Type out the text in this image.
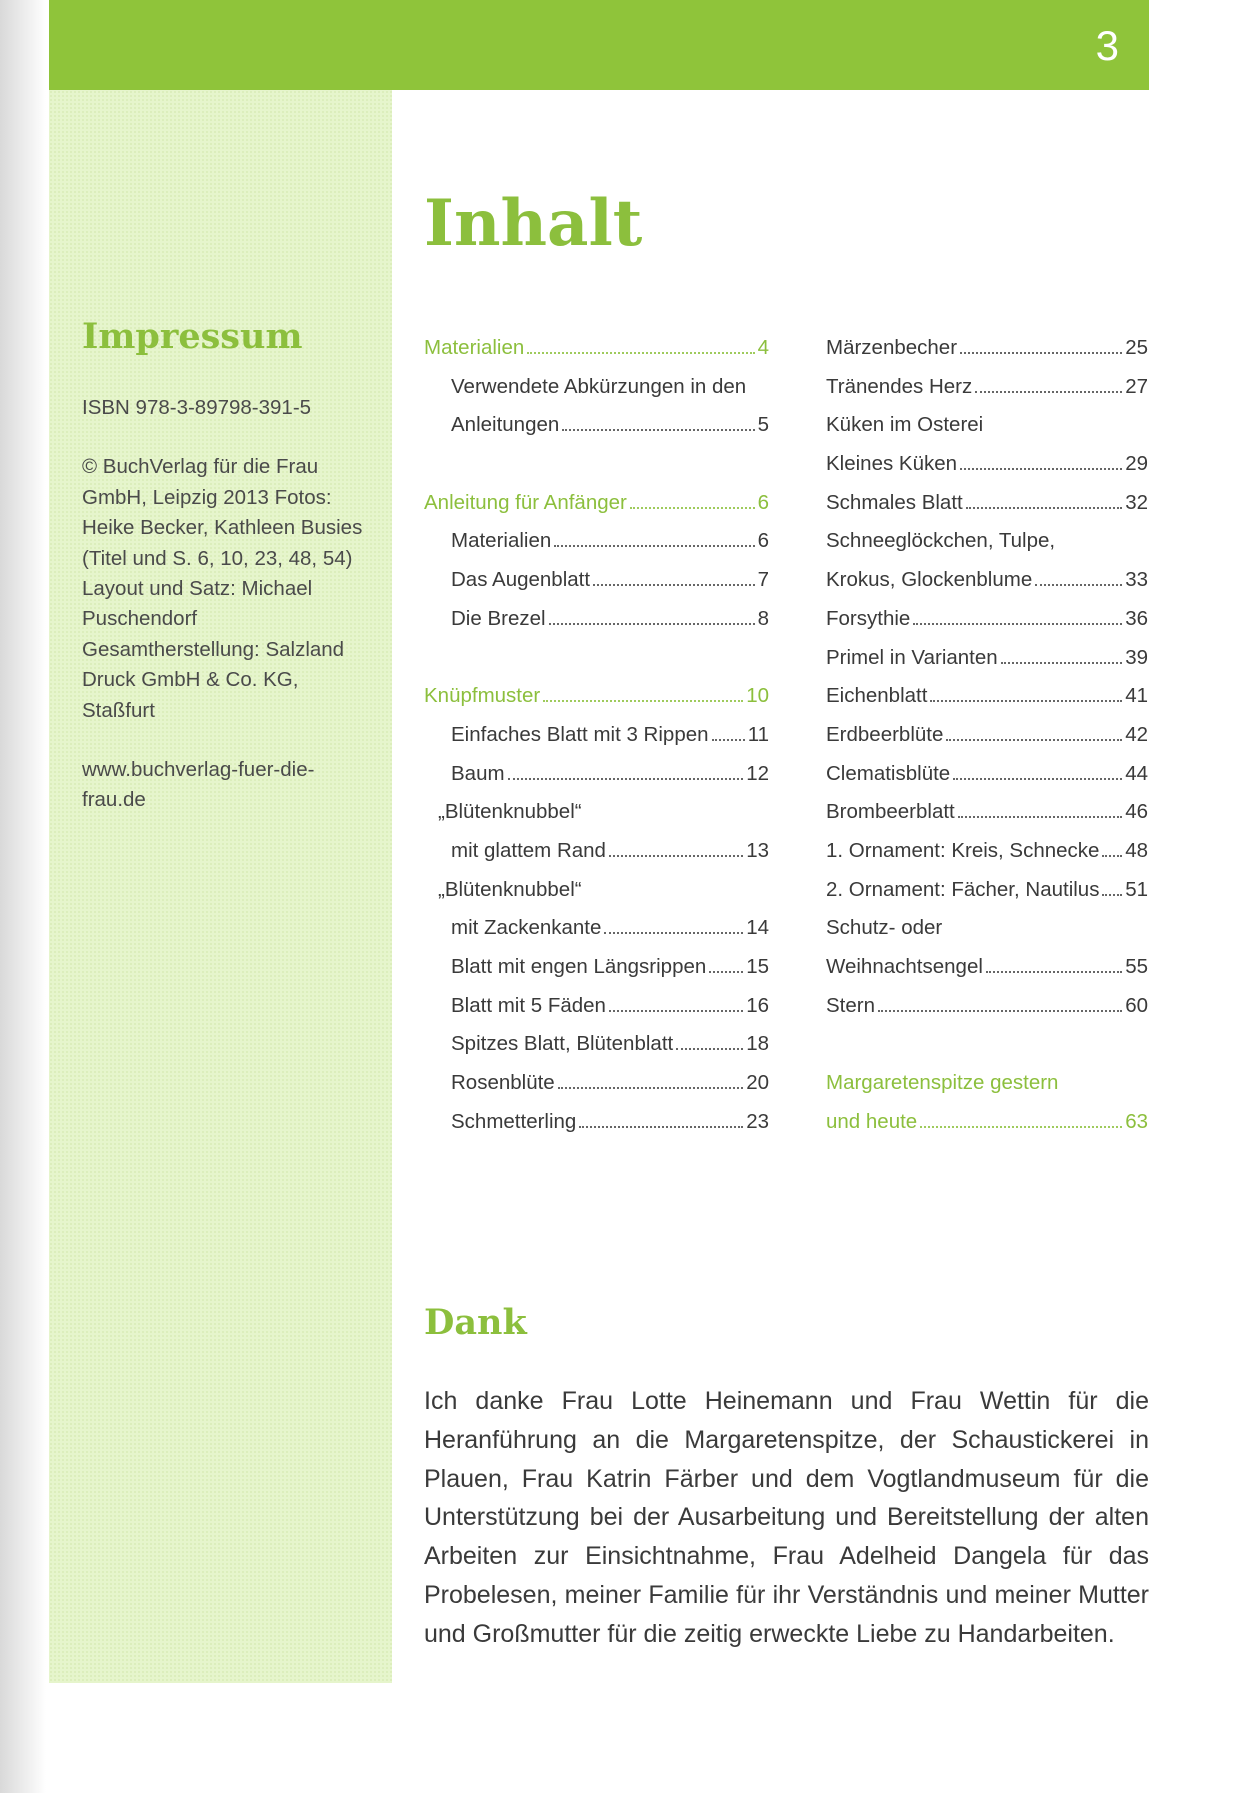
3
Impressum

ISBN 978-3-89798-391-5

© BuchVerlag für die Frau GmbH, Leipzig 2013 Fotos: Heike Becker, Kathleen Busies (Titel und S. 6, 10, 23, 48, 54) Layout und Satz: Michael Puschendorf Gesamtherstellung: Salzland Druck GmbH & Co. KG, Staßfurt

www.buchverlag-fuer-die-frau.de

Inhalt
Materialien	4
Verwendete Abkürzungen in den
Anleitungen	5
Anleitung für Anfänger	6
Materialien	6
Das Augenblatt	7
Die Brezel	8
Knüpfmuster	10
Einfaches Blatt mit 3 Rippen 11
Baum	12
„Blütenknubbel“
mit glattem Rand	13
„Blütenknubbel“
mit Zackenkante	14
Blatt mit engen Längsrippen 15
Blatt mit 5 Fäden	16
Spitzes Blatt, Blütenblatt	18
Rosenblüte	20
Schmetterling	23
Märzenbecher	25
Tränendes Herz	27
Küken im Osterei
Kleines Küken	29
Schmales Blatt	32
Schneeglöckchen, Tulpe,
Krokus, Glockenblume	33
Forsythie	36
Primel in Varianten	39
Eichenblatt	41
Erdbeerblüte	42
Clematisblüte	44
Brombeerblatt	46
1. Ornament: Kreis, Schnecke 48
2. Ornament: Fächer, Nautilus 51
Schutz- oder
Weihnachtsengel	55
Stern	60
Margaretenspitze gestern
und heute	63
Dank

Ich danke Frau Lotte Heinemann und Frau Wettin für die Heranführung an die Margaretenspitze, der Schaustickerei in Plauen, Frau Katrin Färber und dem Vogtlandmuseum für die Unterstützung bei der Ausarbeitung und Bereitstellung der alten Arbeiten zur Einsichtnahme, Frau Adelheid Dangela für das Probelesen, meiner Familie für ihr Verständnis und meiner Mutter und Großmutter für die zeitig erweckte Liebe zu Handarbeiten.
